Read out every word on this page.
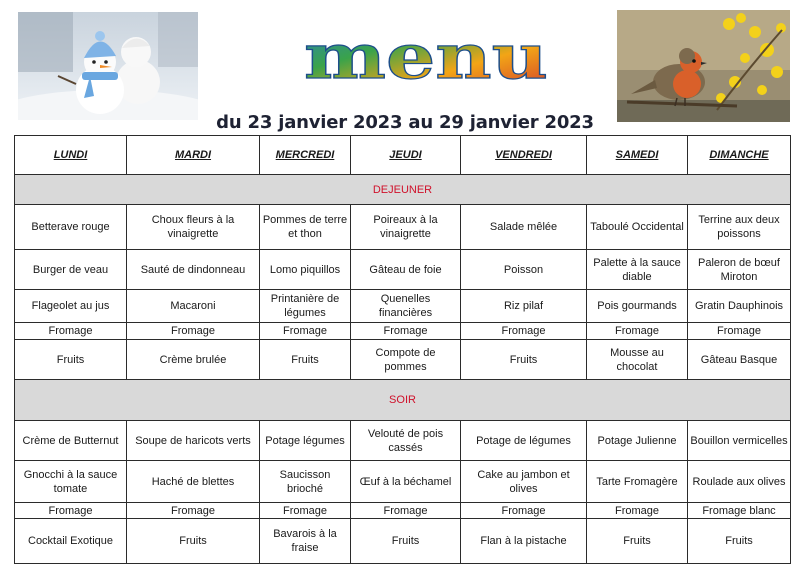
menu
du 23 janvier 2023 au 29 janvier 2023
LUNDI	MARDI	MERCREDI	JEUDI	VENDREDI	SAMEDI	DIMANCHE
DEJEUNER						
Betterave rouge	Choux fleurs à la vinaigrette	Pommes de terre et thon	Poireaux à la vinaigrette	Salade mêlée	Taboulé Occidental	Terrine aux deux poissons
Burger de veau	Sauté de dindonneau	Lomo piquillos	Gâteau de foie	Poisson	Palette à la sauce diable	Paleron de bœuf Miroton
Flageolet au jus	Macaroni	Printanière de légumes	Quenelles financières	Riz pilaf	Pois gourmands	Gratin Dauphinois
Fromage	Fromage	Fromage	Fromage	Fromage	Fromage	Fromage
Fruits	Crème brulée	Fruits	Compote de pommes	Fruits	Mousse au chocolat	Gâteau Basque
SOIR						
Crème de Butternut	Soupe de haricots verts	Potage légumes	Velouté de pois cassés	Potage de légumes	Potage Julienne	Bouillon vermicelles
Gnocchi à la sauce tomate	Haché de blettes	Saucisson brioché	Œuf à la béchamel	Cake au jambon et olives	Tarte Fromagère	Roulade aux olives
Fromage	Fromage	Fromage	Fromage	Fromage	Fromage	Fromage blanc
Cocktail Exotique	Fruits	Bavarois à la fraise	Fruits	Flan à la pistache	Fruits	Fruits
